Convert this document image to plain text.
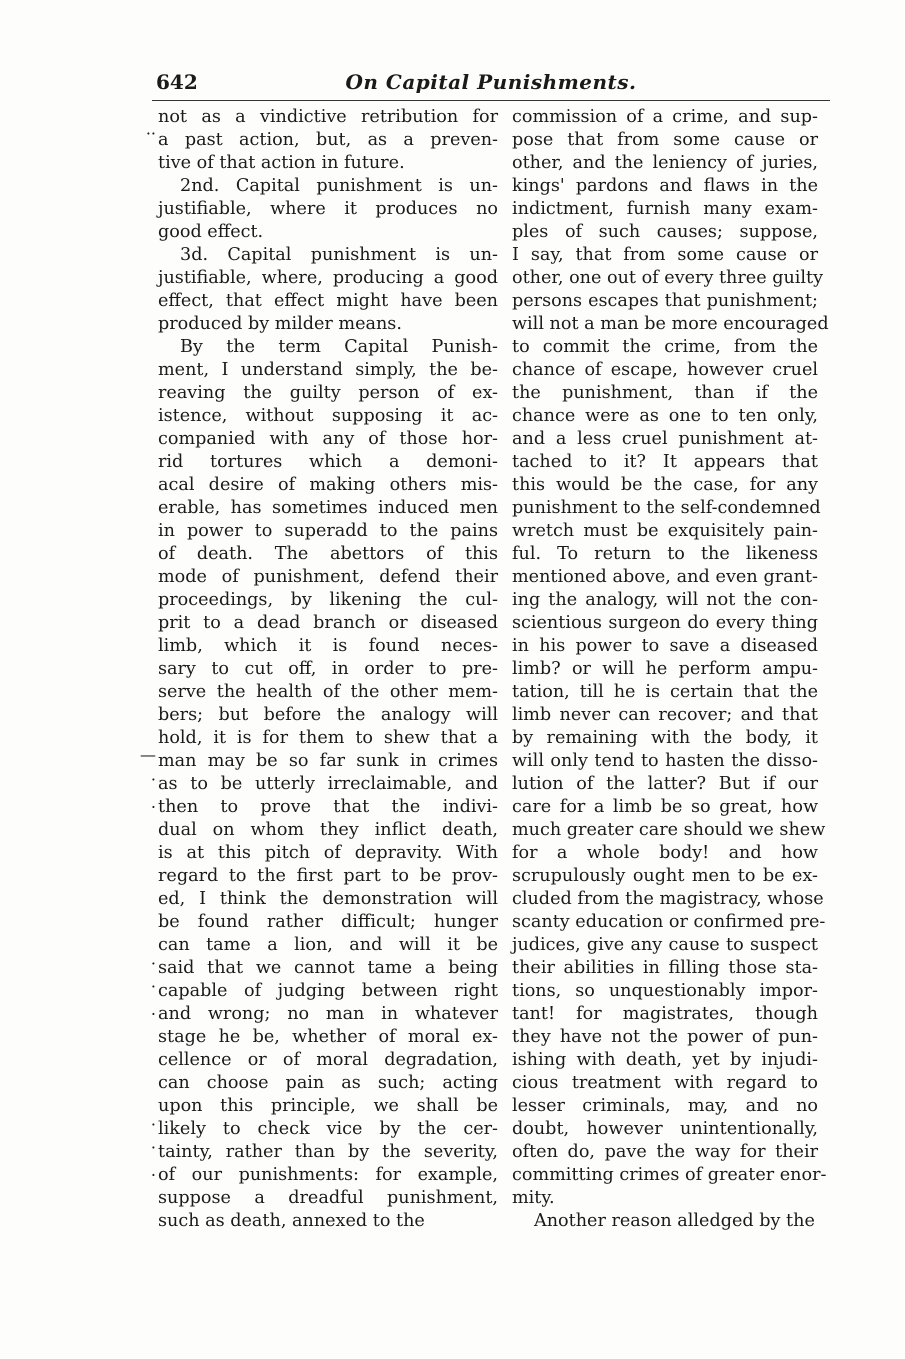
642	On Capital Punishments.
··
—
·
.
·
·
.
·
·
.
not as a vindictive retribution for
a past action, but, as a preven-
tive of that action in future.
2nd. Capital punishment is un-
justifiable, where it produces no
good effect.
3d. Capital punishment is un-
justifiable, where, producing a good
effect, that effect might have been
produced by milder means.
By the term Capital Punish-
ment, I understand simply, the be-
reaving the guilty person of ex-
istence, without supposing it ac-
companied with any of those hor-
rid tortures which a demoni-
acal desire of making others mis-
erable, has sometimes induced men
in power to superadd to the pains
of death. The abettors of this
mode of punishment, defend their
proceedings, by likening the cul-
prit to a dead branch or diseased
limb, which it is found neces-
sary to cut off, in order to pre-
serve the health of the other mem-
bers; but before the analogy will
hold, it is for them to shew that a
man may be so far sunk in crimes
as to be utterly irreclaimable, and
then to prove that the indivi-
dual on whom they inflict death,
is at this pitch of depravity. With
regard to the first part to be prov-
ed, I think the demonstration will
be found rather difficult; hunger
can tame a lion, and will it be
said that we cannot tame a being
capable of judging between right
and wrong; no man in whatever
stage he be, whether of moral ex-
cellence or of moral degradation,
can choose pain as such; acting
upon this principle, we shall be
likely to check vice by the cer-
tainty, rather than by the severity,
of our punishments: for example,
suppose a dreadful punishment,
such as death, annexed to the
commission of a crime, and sup-
pose that from some cause or
other, and the leniency of juries,
kings' pardons and flaws in the
indictment, furnish many exam-
ples of such causes; suppose,
I say, that from some cause or
other, one out of every three guilty
persons escapes that punishment;
will not a man be more encouraged
to commit the crime, from the
chance of escape, however cruel
the punishment, than if the
chance were as one to ten only,
and a less cruel punishment at-
tached to it? It appears that
this would be the case, for any
punishment to the self-condemned
wretch must be exquisitely pain-
ful. To return to the likeness
mentioned above, and even grant-
ing the analogy, will not the con-
scientious surgeon do every thing
in his power to save a diseased
limb? or will he perform ampu-
tation, till he is certain that the
limb never can recover; and that
by remaining with the body, it
will only tend to hasten the disso-
lution of the latter? But if our
care for a limb be so great, how
much greater care should we shew
for a whole body! and how
scrupulously ought men to be ex-
cluded from the magistracy, whose
scanty education or confirmed pre-
judices, give any cause to suspect
their abilities in filling those sta-
tions, so unquestionably impor-
tant! for magistrates, though
they have not the power of pun-
ishing with death, yet by injudi-
cious treatment with regard to
lesser criminals, may, and no
doubt, however unintentionally,
often do, pave the way for their
committing crimes of greater enor-
mity.
Another reason alledged by the
